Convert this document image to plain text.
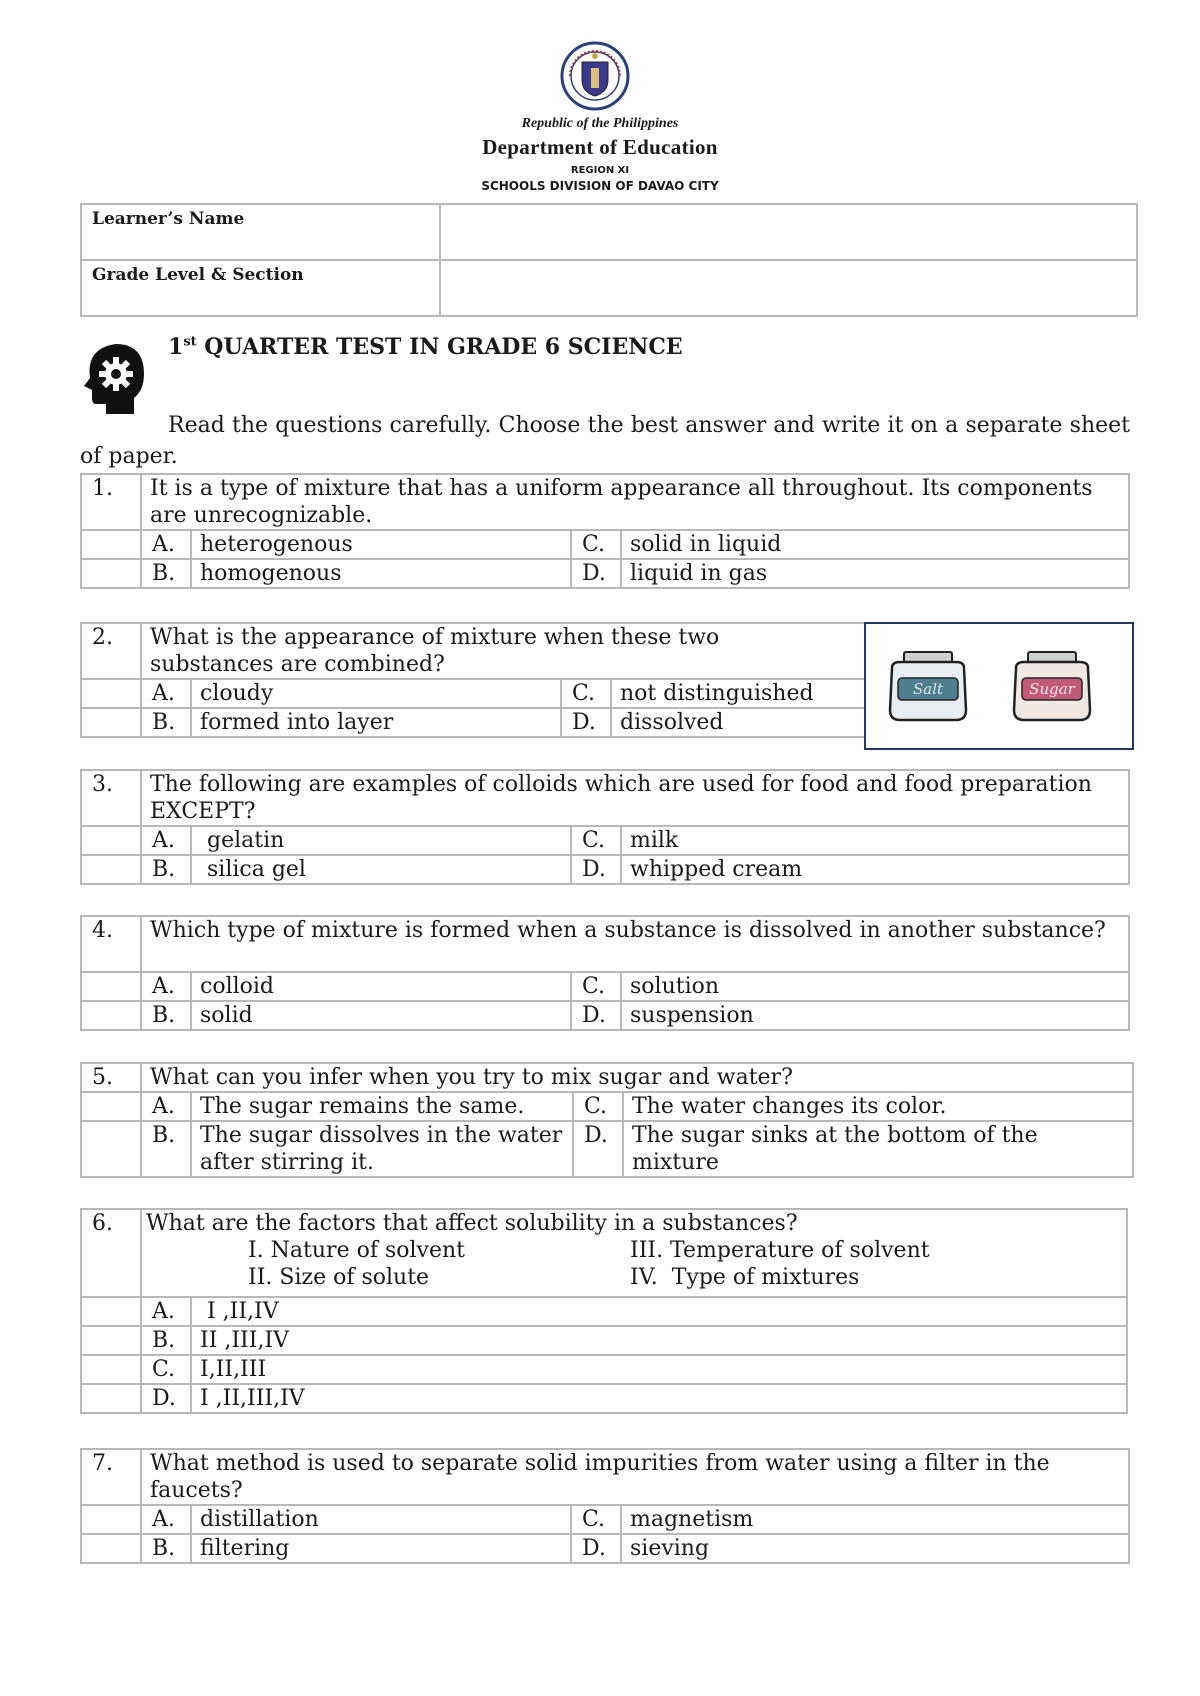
Republic of the Philippines
Department of Education
REGION XI
SCHOOLS DIVISION OF DAVAO CITY
Learner’s Name	
Grade Level & Section	
1st QUARTER TEST IN GRADE 6 SCIENCE
Read the questions carefully. Choose the best answer and write it on a separate sheet of paper.
1.	It is a type of mixture that has a uniform appearance all throughout. Its components are unrecognizable.
	A.	heterogenous		C.	solid in liquid

	B.	homogenous		D.	liquid in gas
2.	What is the appearance of mixture when these two substances are combined?
	A.	cloudy		C.	not distinguished

	B.	formed into layer		D.	dissolved
Salt	Sugar
3.	The following are examples of colloids which are used for food and food preparation EXCEPT?
	A.	gelatin		C.	milk

	B.	silica gel		D.	whipped cream
4.	Which type of mixture is formed when a substance is dissolved in another substance?
	A.	colloid		C.	solution

	B.	solid		D.	suspension
5.	What can you infer when you try to mix sugar and water?			
	A.	The sugar remains the same.	C.	The water changes its color.
	B.	The sugar dissolves in the water after stirring it.	D.	The sugar sinks at the bottom of the mixture
6.	What are the factors that affect solubility in a substances?
I. Nature of solvent
II. Size of solute
III. Temperature of solvent
IV.  Type of mixtures	

	A.	I ,II,IV
	B.	II ,III,IV
	C.	I,II,III
	D.	I ,II,III,IV
7.	What method is used to separate solid impurities from water using a filter in the faucets?
	A.	distillation		C.	magnetism

	B.	filtering		D.	sieving
